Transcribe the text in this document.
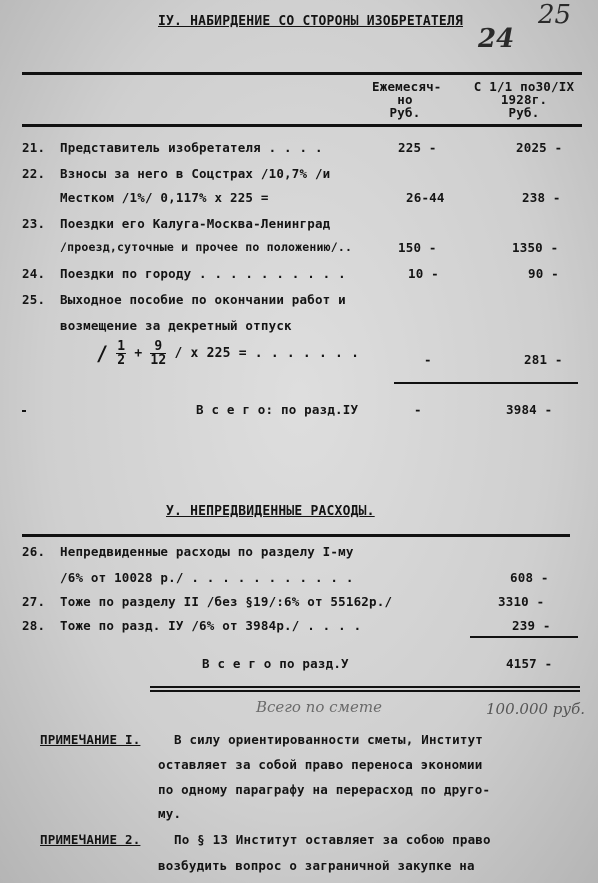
25
24
IУ. НАБИРДЕНИЕ СО СТОРОНЫ ИЗОБРЕТАТЕЛЯ
Ежемесяч-
но
Руб.
С 1/1 по30/IX
1928г.
Руб.
21. Представитель изобретателя . . . .	225 -	2025 -
22. Взносы за него в Соцстрах /10,7% /и
Местком /1%/ 0,117% х 225 =	26-44	238 -
23. Поездки его Калуга-Москва-Ленинград
/проезд,суточные и прочее по положению/..	150 -	1350 -
24. Поездки по городу . . . . . . . . . .	10 -	90 -
25. Выходное пособие по окончании работ и
возмещение за декретный отпуск
/ $\frac{1}{2} + \frac{9}{12} / х$ 225 = . . . . . . .	-	281 -
В с е г о: по разд.IУ	-	3984 -
У. НЕПРЕДВИДЕННЫЕ РАСХОДЫ.
26. Непредвиденные расходы по разделу I-му
/6% от 10028 р./ . . . . . . . . . . .	608 -
27. Тоже по разделу II /без §19/:6% от 55162р./	3310 -
28. Тоже по разд. IУ /6% от 3984р./ . . . .	239 -
В с е г о по разд.У	4157 -
Всего по смете	100.000 руб.
ПРИМЕЧАНИЕ I.	В силу ориентированности сметы, Институт
оставляет за собой право переноса экономии
по одному параграфу на перерасход по друго-
му.
ПРИМЕЧАНИЕ 2.	По § 13 Институт оставляет за собою право
возбудить вопрос о заграничной закупке на
